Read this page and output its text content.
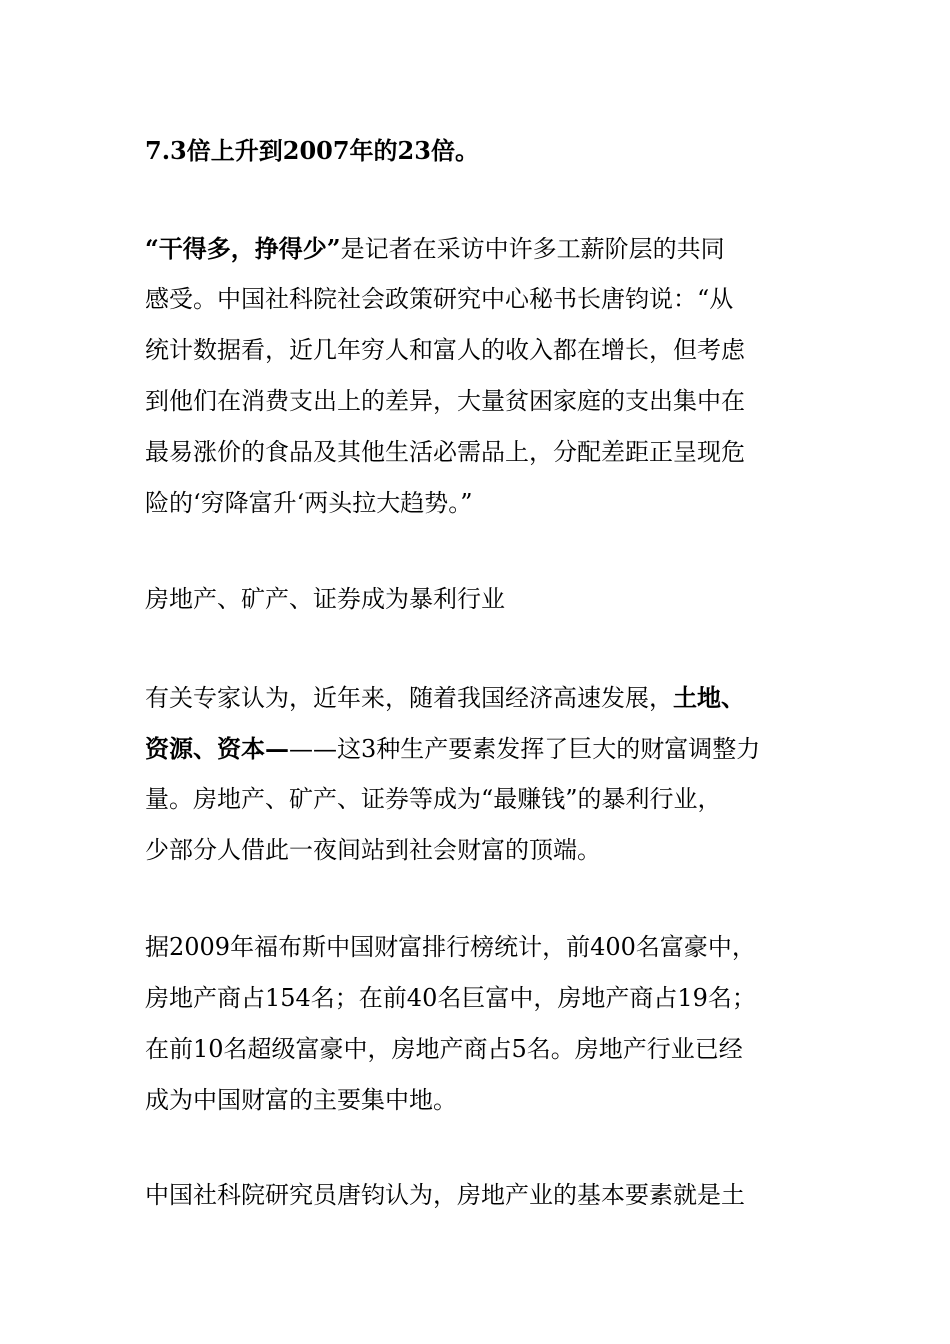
7.3倍上升到2007年的23倍。

“干得多，挣得少”是记者在采访中许多工薪阶层的共同
感受。中国社科院社会政策研究中心秘书长唐钧说：“从
统计数据看，近几年穷人和富人的收入都在增长，但考虑
到他们在消费支出上的差异，大量贫困家庭的支出集中在
最易涨价的食品及其他生活必需品上，分配差距正呈现危
险的‘穷降富升‘两头拉大趋势。”

房地产、矿产、证券成为暴利行业

有关专家认为，近年来，随着我国经济高速发展，土地、
资源、资本———这3种生产要素发挥了巨大的财富调整力
量。房地产、矿产、证券等成为“最赚钱”的暴利行业，
少部分人借此一夜间站到社会财富的顶端。

据2009年福布斯中国财富排行榜统计，前400名富豪中，
房地产商占154名；在前40名巨富中，房地产商占19名；
在前10名超级富豪中，房地产商占5名。房地产行业已经
成为中国财富的主要集中地。

中国社科院研究员唐钧认为，房地产业的基本要素就是土
